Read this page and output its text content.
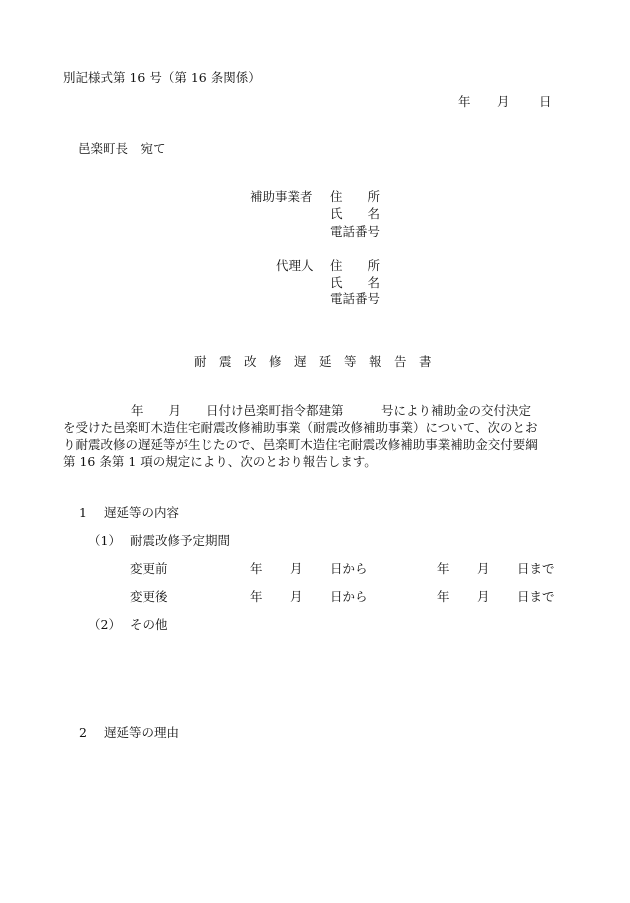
別記様式第 16 号（第 16 条関係）
年 月 日
邑楽町長　宛て
補助事業者 住　　所
氏　　名
電話番号
代理人 住　　所
氏　　名
電話番号
耐震改修遅延等報告書
年　　月　　日付け邑楽町指令都建第　　　号により補助金の交付決定
を受けた邑楽町木造住宅耐震改修補助事業（耐震改修補助事業）について、次のとお
り耐震改修の遅延等が生じたので、邑楽町木造住宅耐震改修補助事業補助金交付要綱
第 16 条第 1 項の規定により、次のとおり報告します。
1 遅延等の内容
（1） 耐震改修予定期間
変更前	年 月 日から	年 月 日まで
変更後	年 月 日から	年 月 日まで
（2） その他
2 遅延等の理由
